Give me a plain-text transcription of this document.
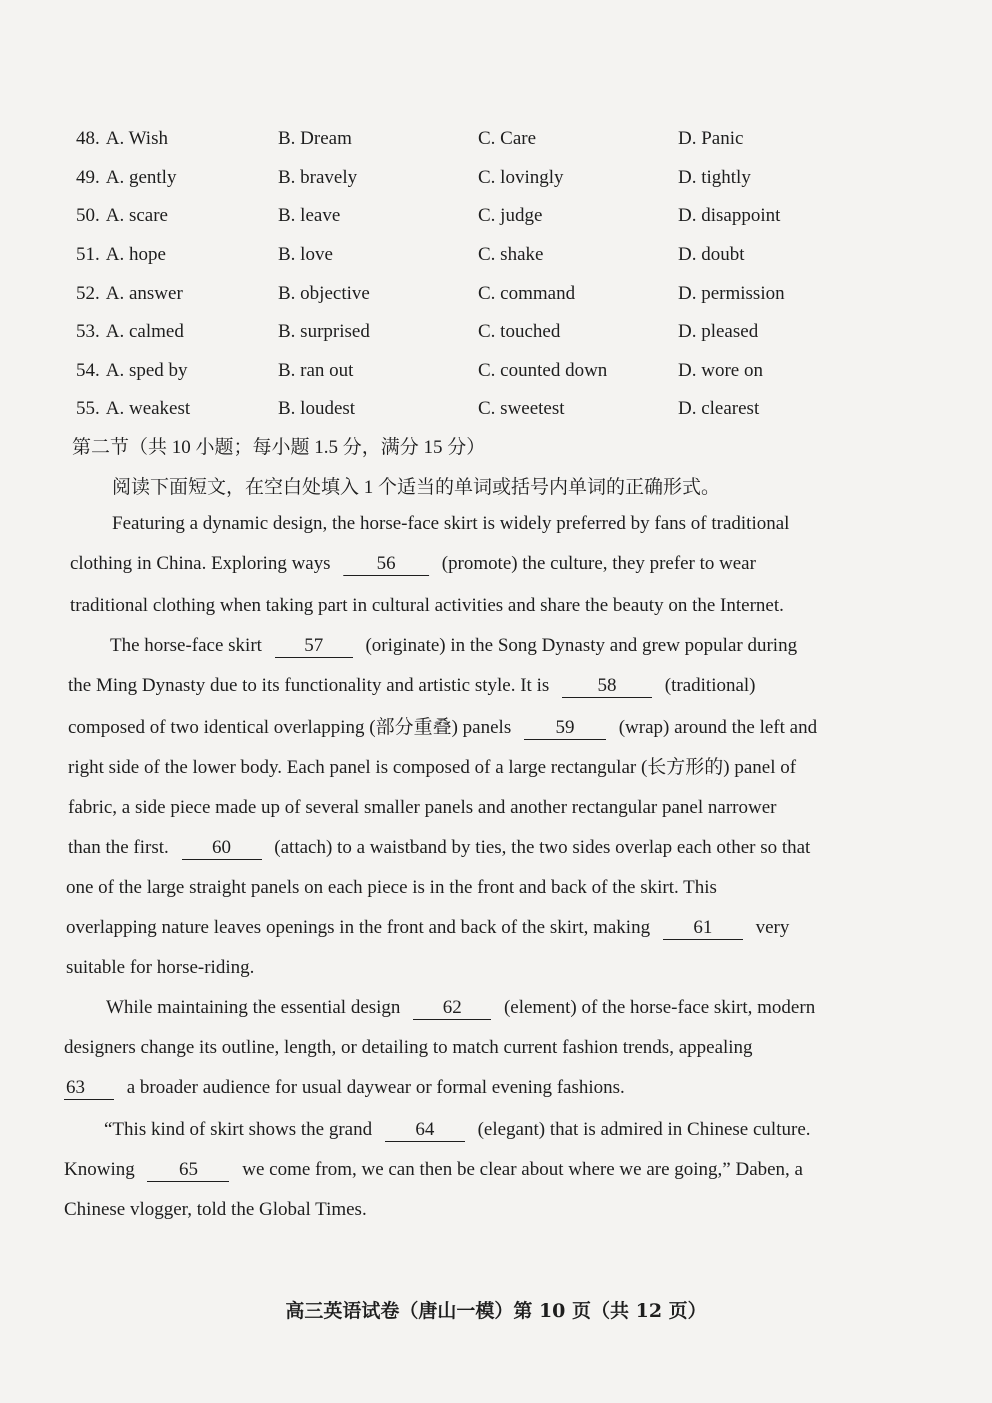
48. A. Wish	B. Dream	C. Care	D. Panic
49. A. gently	B. bravely	C. lovingly	D. tightly
50. A. scare	B. leave	C. judge	D. disappoint
51. A. hope	B. love	C. shake	D. doubt
52. A. answer	B. objective	C. command	D. permission
53. A. calmed	B. surprised	C. touched	D. pleased
54. A. sped by	B. ran out	C. counted down	D. wore on
55. A. weakest	B. loudest	C. sweetest	D. clearest
第二节（共 10 小题；每小题 1.5 分，满分 15 分）
阅读下面短文，在空白处填入 1 个适当的单词或括号内单词的正确形式。
Featuring a dynamic design, the horse-face skirt is widely preferred by fans of traditional
clothing in China. Exploring ways 56 (promote) the culture, they prefer to wear
traditional clothing when taking part in cultural activities and share the beauty on the Internet.
The horse-face skirt 57 (originate) in the Song Dynasty and grew popular during
the Ming Dynasty due to its functionality and artistic style. It is	58	(traditional)
composed of two identical overlapping (部分重叠) panels 59 (wrap) around the left and
right side of the lower body. Each panel is composed of a large rectangular (长方形的) panel of
fabric, a side piece made up of several smaller panels and another rectangular panel narrower
than the first. 60 (attach) to a waistband by ties, the two sides overlap each other so that
one of the large straight panels on each piece is in the front and back of the skirt. This
overlapping nature leaves openings in the front and back of the skirt, making 61 very
suitable for horse-riding.
While maintaining the essential design 62 (element) of the horse-face skirt, modern
designers change its outline, length, or detailing to match current fashion trends, appealing
63 a broader audience for usual daywear or formal evening fashions.
“This kind of skirt shows the grand 64 (elegant) that is admired in Chinese culture.
Knowing 65 we come from, we can then be clear about where we are going,” Daben, a
Chinese vlogger, told the Global Times.
高三英语试卷（唐山一模）第 10 页（共 12 页）
